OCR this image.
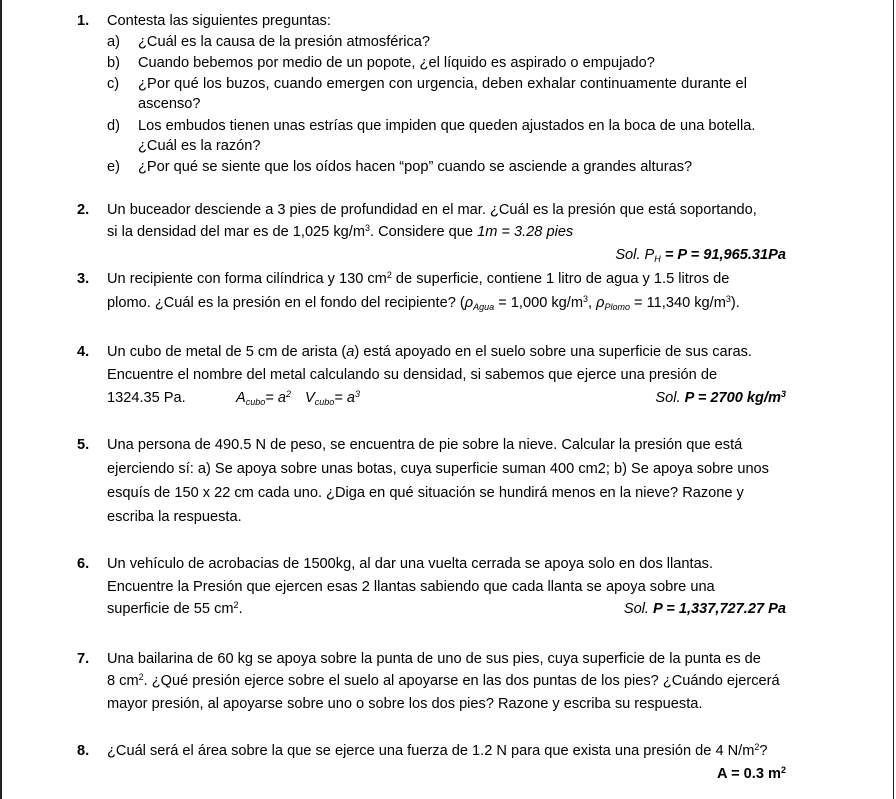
1. Contesta las siguientes preguntas:
a) ¿Cuál es la causa de la presión atmosférica?
b) Cuando bebemos por medio de un popote, ¿el líquido es aspirado o empujado?
c) ¿Por qué los buzos, cuando emergen con urgencia, deben exhalar continuamente durante el
ascenso?
d) Los embudos tienen unas estrías que impiden que queden ajustados en la boca de una botella.
¿Cuál es la razón?
e) ¿Por qué se siente que los oídos hacen “pop” cuando se asciende a grandes alturas?
2. Un buceador desciende a 3 pies de profundidad en el mar. ¿Cuál es la presión que está soportando,
si la densidad del mar es de 1,025 $kg/m^3$. Considere que 1m = 3.28 pies
Sol. $P_H = P = 91,965.31Pa$
3. Un recipiente con forma cilíndrica y 130 $cm^2$ de superficie, contiene 1 litro de agua y 1.5 litros de
plomo. ¿Cuál es la presión en el fondo del recipiente? ($\rho_{Agua} = 1,000$ $kg/m^3$, $\rho_{Plomo} = 11,340$ $kg/m^3$).
4. Un cubo de metal de 5 cm de arista (a) está apoyado en el suelo sobre una superficie de sus caras.
Encuentre el nombre del metal calculando su densidad, si sabemos que ejerce una presión de
1324.35 Pa.	$A_{cubo}= a^2$ $V_{cubo}= a^3$	Sol. P = 2700 $kg/m^3$
5. Una persona de 490.5 N de peso, se encuentra de pie sobre la nieve. Calcular la presión que está
ejerciendo sí: a) Se apoya sobre unas botas, cuya superficie suman 400 cm2; b) Se apoya sobre unos
esquís de 150 x 22 cm cada uno. ¿Diga en qué situación se hundirá menos en la nieve? Razone y
escriba la respuesta.
6. Un vehículo de acrobacias de 1500kg, al dar una vuelta cerrada se apoya solo en dos llantas.
Encuentre la Presión que ejercen esas 2 llantas sabiendo que cada llanta se apoya sobre una
superficie de 55 $cm^2$.	Sol. P = 1,337,727.27 Pa
7. Una bailarina de 60 kg se apoya sobre la punta de uno de sus pies, cuya superficie de la punta es de
8 $cm^2$. ¿Qué presión ejerce sobre el suelo al apoyarse en las dos puntas de los pies? ¿Cuándo ejercerá
mayor presión, al apoyarse sobre uno o sobre los dos pies? Razone y escriba su respuesta.
8. ¿Cuál será el área sobre la que se ejerce una fuerza de 1.2 N para que exista una presión de 4 $N/m^2$?
A = 0.3 $m^2$
